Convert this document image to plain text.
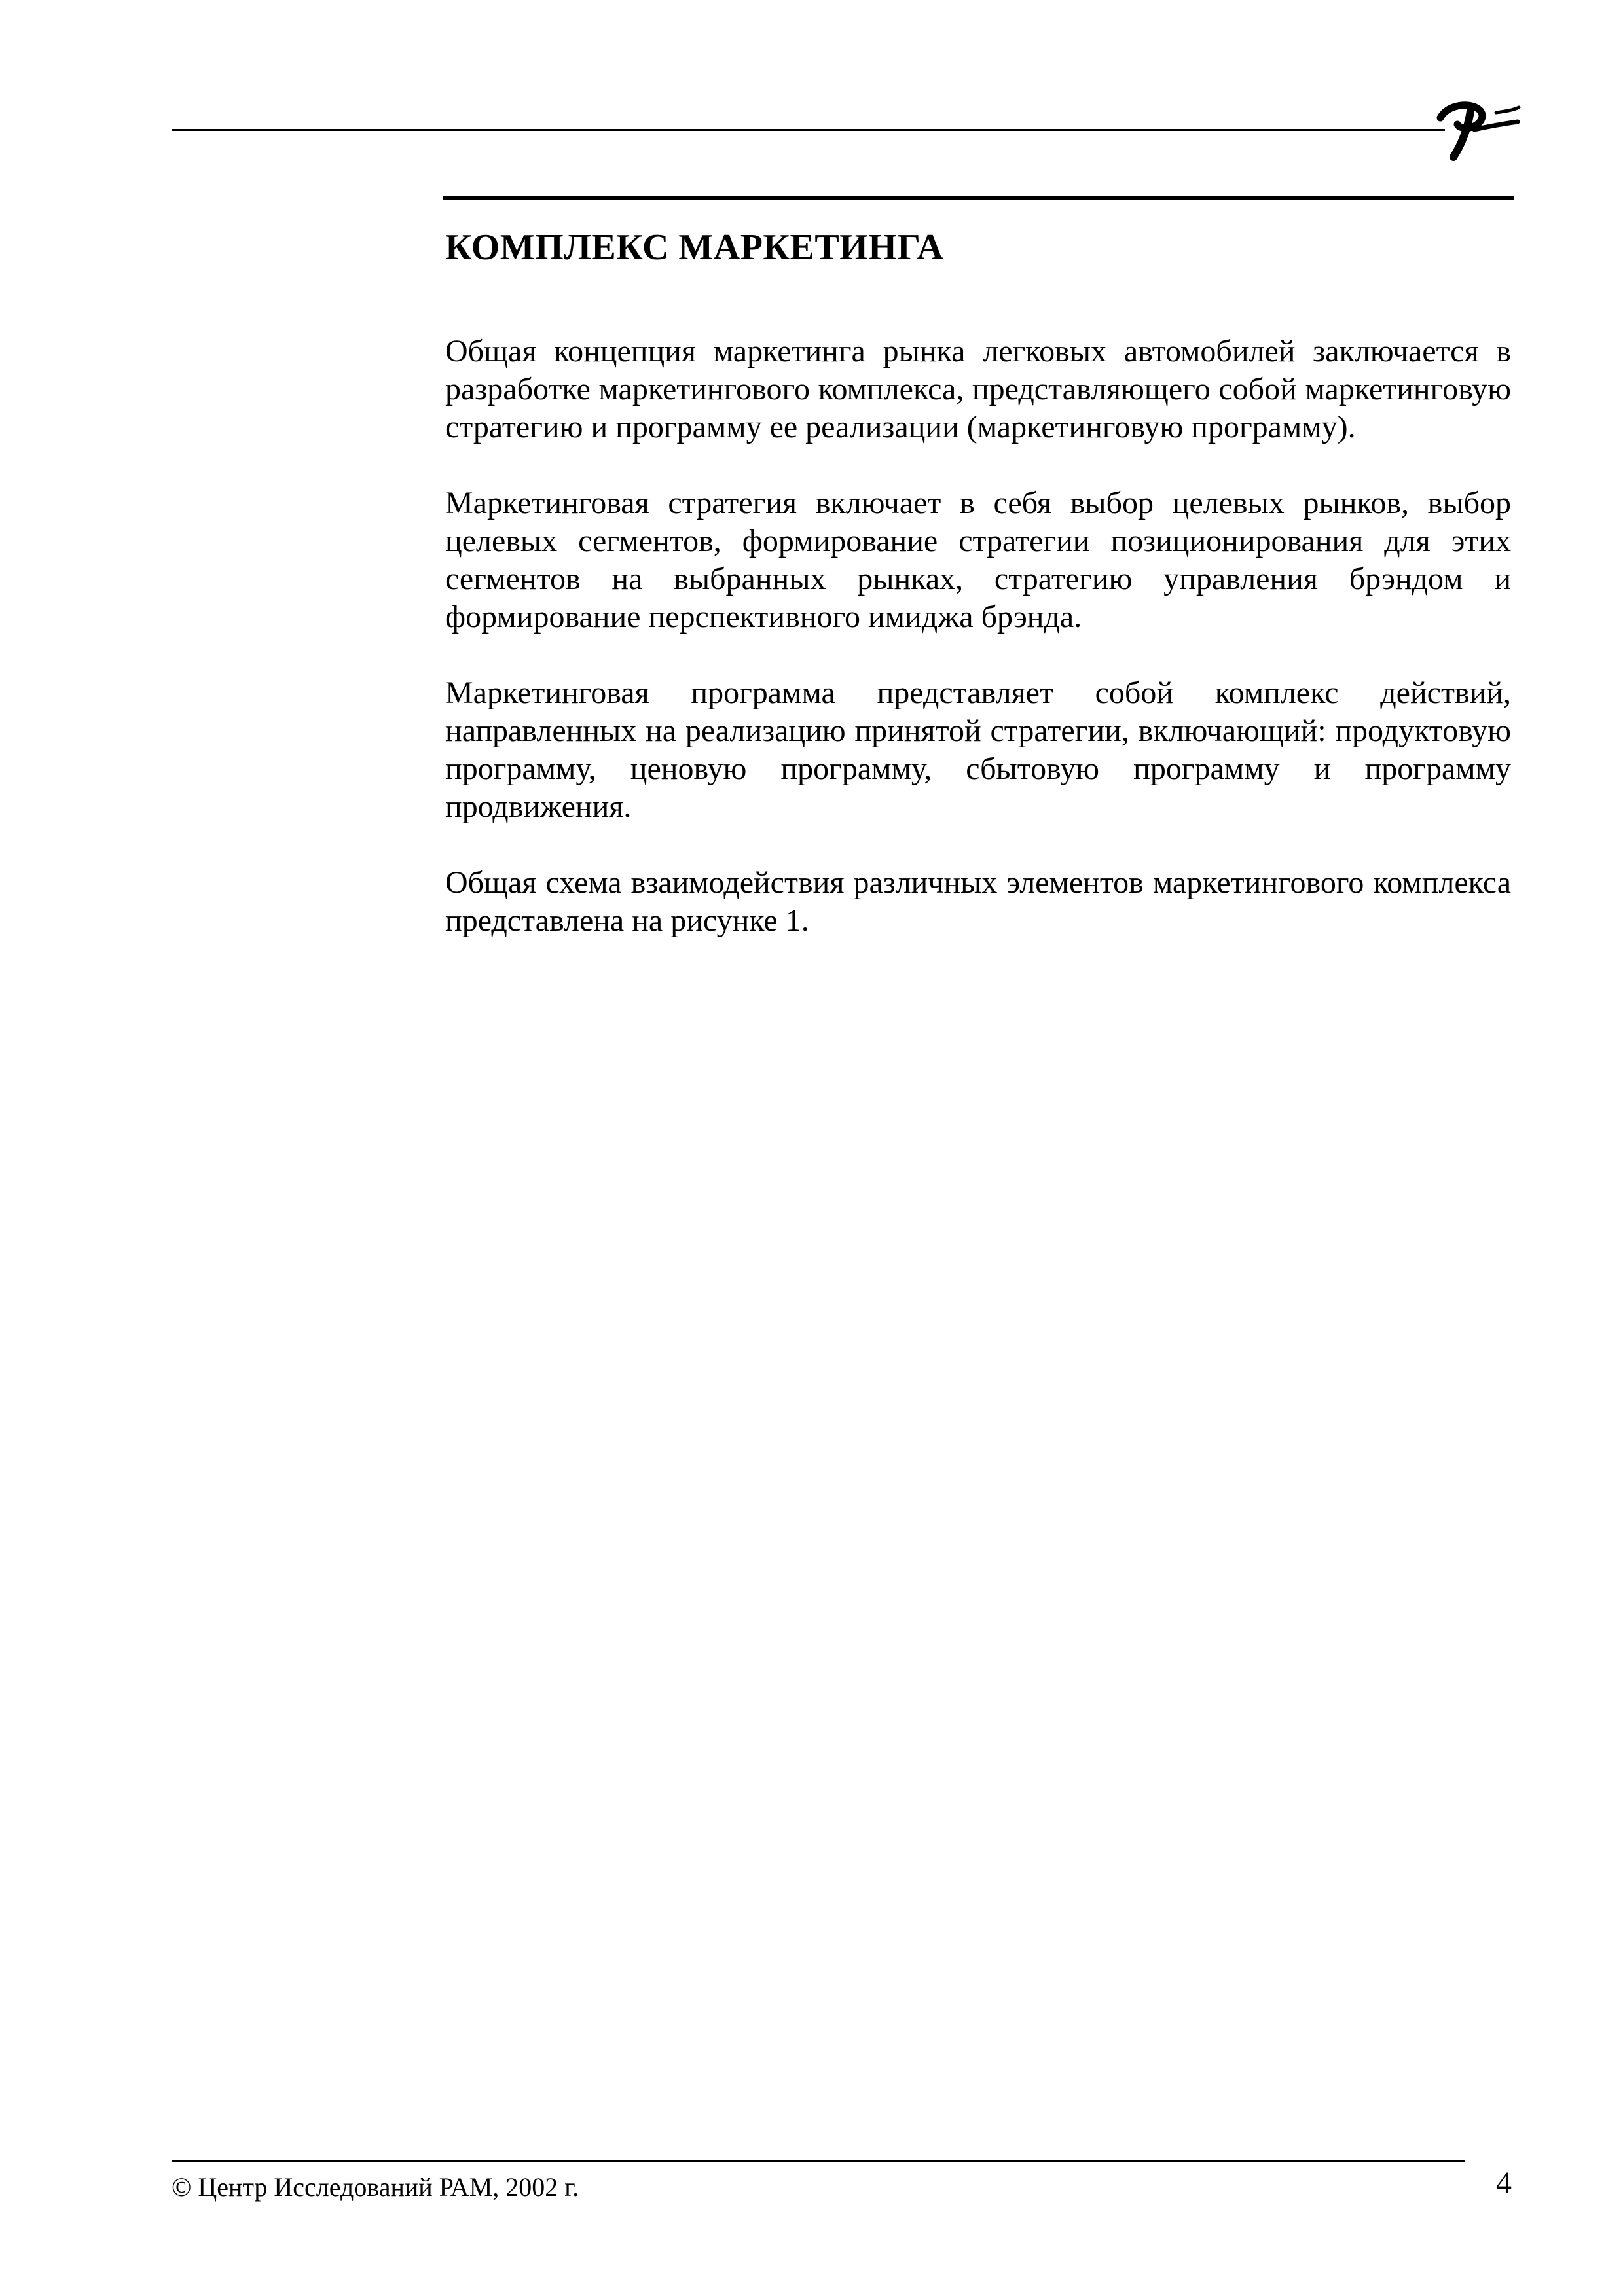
КОМПЛЕКС МАРКЕТИНГА

Общая концепция маркетинга рынка легковых автомобилей заключается в разработке маркетингового комплекса, представляющего собой маркетинговую стратегию и программу ее реализации (маркетинговую программу).

Маркетинговая стратегия включает в себя выбор целевых рынков, выбор целевых сегментов, формирование стратегии позиционирования для этих сегментов на выбранных рынках, стратегию управления брэндом и формирование перспективного имиджа брэнда.

Маркетинговая программа представляет собой комплекс действий, направленных на реализацию принятой стратегии, включающий: продуктовую программу, ценовую программу, сбытовую программу и программу продвижения.

Общая схема взаимодействия различных элементов маркетингового комплекса представлена на рисунке 1.

© Центр Исследований РАМ, 2002 г.	4
